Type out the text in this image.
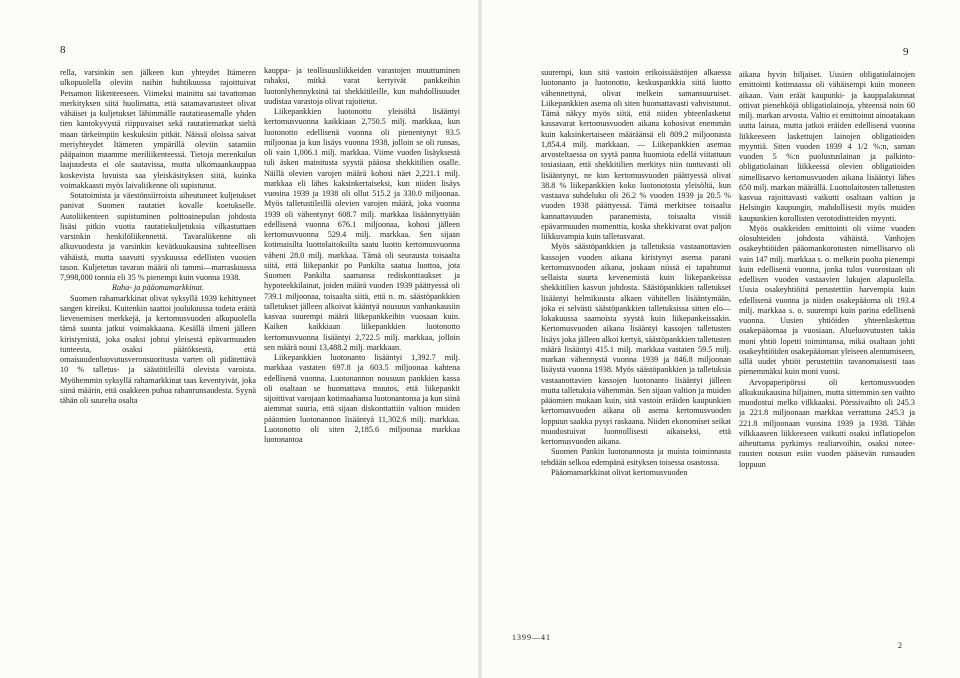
8	9

rella, varsinkin sen jälkeen kun yhteydet Itämeren ulkopuolella oleviin naihin huhtikuussa rajoittuivat Petsamon liikenteeseen. Viimeksi mainittu sai tavattoman merkityksen siitä huolimatta, että satamavarusteet olivat vähäiset ja kuljetukset lähimmälle rautatieasemalle yhden tien kantokyvystä riippuvaiset sekä rautatiematkat sieltä maan tärkeimpiin keskuksiin pitkät. Näissä oloissa saivat meriyhteydet Itämeren ympärillä oleviin satamiin pääpainon maamme meriliikenteessä. Tietoja merenkulun laajuudesta ei ole saatavissa, mutta ulkomaankauppaa koskevista luvuista saa yleiskäsityksen siitä, kuinka voimakkaasti myös laivaliikenne oli supistunut.

Sotatoimista ja väestönsiirroista aiheutuneet kuljetukset panivat Suomen rautatiet kovalle koetukselle. Autoliikenteen supistuminen polttoainepulan johdosta lisäsi pitkin vuotta rautatiekuljetuksia vilkastuttaen varsinkin henkilöliikennettä. Tavaraliikenne oli alkuvuodesta ja varsinkin kevätkuukausina suhteellisen vähäistä, mutta saavutti syyskuussa edellisten vuosien tason. Kuljetetun tavaran määrä oli tammi—marraskuussa 7,998,000 tonnia eli 35 % pienempi kuin vuonna 1938.

Raha- ja pääomamarkkinat.

Suomen rahamarkkinat olivat syksyllä 1939 kehittyneet sangen kireiksi. Kuitenkin saattoi joulukuussa todeta eräitä lievenemisen merkkejä, ja kertomusvuoden alkupuolella tämä suunta jatkui voimakkaana. Kesällä ilmeni jälleen kiristymistä, joka osaksi johtui yleisestä epävarmuuden tunteesta, osaksi päätöksestä, että omaisuudenluovutusveronsuoritusta varten oli pidätettävä 10 % talletus- ja säästötileillä olevista varoista. Myöhemmin syksyllä rahamarkkinat taas keventyivät, joka siinä määrin, että osakkeen puhua rahanrunsaudesta. Syynä tähän oli suurelta osalta

kauppa- ja teollisuusliikkeiden varastojen muuttuminen rahaksi, mitkä varat kertyivät pankkeihin luotonlyhennyksinä tai shekkitileille, kun mahdollisuudet uudistaa varastoja olivat rajoitetut.

Liikepankkien luotonotto yleisöltä lisääntyi kertomusvuonna kaikkiaan 2,750.5 milj. markkaa, kun luotonotto edellisenä vuonna oli pienentynyt 93.5 miljoonaa ja kun lisäys vuonna 1938, jolloin se oli runsas, oli vain 1,006.1 milj. markkaa. Viime vuoden lisäyksestä tuli äsken mainitusta syystä pääosa shekkitilien osalle. Näillä olevien varojen määrä kohosi näet 2,221.1 milj. markkaa eli lähes kaksinkertaiseksi, kun niiden lisäys vuosina 1939 ja 1938 oli ollut 515.2 ja 330.0 miljoonaa. Myös talletustileillä olevien varojen määrä, joka vuonna 1939 oli vähentynyt 608.7 milj. markkaa lisäännyttyään edellisenä vuonna 676.1 miljoonaa, kohosi jälleen kertomusvuonna 529.4 milj. markkaa. Sen sijaan kotimaisilta luottolaitoksilta saatu luotto kertomusvuonna väheni 28.0 milj. markkaa. Tämä oli seurausta toisaalta siitä, että liikepankit po Pankilta saatua luottoa, jota Suomen Pankilta saamansa rediskonttaukset ja hypoteekkilainat, joiden määrä vuoden 1939 päättyessä oli 739.1 miljoonaa, toisaalta siitä, että n. m. säästöpankkien talletukset jälleen alkoivat kääntyä nousuun vanhankausiin kasvaa suurempi määrä liikepankkeihin vuosaan kuin. Kaiken kaikkiaan liikepankkien luotonotto kertomusvuonna lisääntyi 2,722.5 milj. markkaa, jolloin sen määrä nousi 13,488.2 milj. markkaan.

Liikepankkien luotonanto lisääntyi 1,392.7 milj. markkaa vastaten 697.8 ja 603.5 miljoonaa kahtena edellisenä vuonna. Luotonannon nousuun pankkien kassa oli osaltaan se huomattava muutos, että liikepankit sijoittivat varojaan kotimaahansa luotonantonsa ja kun siinä aiemmat suuria, että sijaan diskonttattiin valtion muiden pääomien luotonannon lisääntyä 11,302.6 milj. markkaa. Luotonotto oli siten 2,185.6 miljoonaa markkaa luotonantoa

suurempi, kun sitä vastoin erikoissäästöjen alkaessa luotonanto ja luotonotto, keskuspankkia siitä luotto vähennettynä, olivat melkein samansuuruiset. Liikepankkien asema oli siten huomattavasti vahvistunut. Tämä näkyy myös siitä, että niiden yhteenlasketut kassavarat kertomusvuoden aikana kohosivat enemmän kuin kaksinkertaiseen määräänsä eli 809.2 miljoonasta 1,854.4 milj. markkaan. — Liikepankkien asemaa arvosteltaessa on syytä panna huomiota edellä viitattuun tosiasiaan, että shekkitilien merkitys niin tuntuvasti oli lisääntynyt, ne kun kertomusvuoden päättyessä olivat 38.8 % liikepankkien koko luotonotosta yleisöltä, kun vastaava suhdeluku oli 26.2 % vuoden 1939 ja 20.5 % vuoden 1938 päättyessä. Tämä merkitsee toisaalta kannattavuuden paranemista, toisaalta vissiä epävarmuuden momenttia, koska shekkivarat ovat paljon liikkuvampia kuin talletusvarat.

Myös säästöpankkien ja talletuksia vastaanottavien kassojen vuoden aikana kiristynyt asema parani kertomusvuoden aikana, joskaan niissä ei tapahtunut sellaista suurta kevenemistä kuin liikepankeissa shekkitilien kasvun johdosta. Säästöpankkien talletukset lisääntyi helmikuusta alkaen vähitellen lisääntymään, joka ei selvästi säästöpankkien talletuksissa sitten elo—lokakuussa saamoista syystä kuin liikepankeissakin. Kertomusvuoden aikana lisääntyi kassojen talletusten lisäys joka jälleen alkoi kertyä, säästöpankkien talletusten määrä lisääntyi 415.1 milj. markkaa vastaten 59.5 milj. markan vähennystä vuonna 1939 ja 846.8 miljoonan lisäystä vuonna 1938. Myös säästöpankkien ja talletuksia vastaanottavien kassojen luotonanto lisääntyi jälleen mutta talletuksia vähemmän. Sen sijaan valtion ja muiden pääomien mukaan kuin, sitä vastoin eräiden kaupunkien kertomusvuoden aikana oli asema kertomusvuoden loppuun saakka pysyi raskaana. Niiden ekonomiset seikat muodostuivat luonnollisesti aikaiseksi, että kertomusvuoden aikana.

Suomen Pankin luotonannosta ja muista toiminnasta tehdään selkoa edempänä esityksen toisessa osastossa.

Pääomamarkkinat olivat kertomusvuoden

aikana hyvin hiljaiset. Uusien obligatiolainojen emittointi kotimaassa oli vähäisempi kuin moneen aikaan. Vain eräät kaupunki- ja kauppalakunnat ottivat pienehköjä obligatiolainoja, yhteensä noin 60 milj. markan arvosta. Valtio ei emittoinut ainoatakaan uutta lainaa, mutta jatkoi eräiden edellisenä vuonna liikkeeseen laskettujen lainojen obligatioiden myyntiä. Siten vuoden 1939 4 1/2 %:n, saman vuoden 5 %:n puolustuslainan ja palkinto-obligatiolainan liikkeessä olevien obligatioiden nimellisarvo kertomusvuoden aikana lisääntyi lähes 650 milj. markan määrällä. Luottolaitosten talletusten kasvua rajoittavasti vaikutti osaltaan valtion ja Helsingin kaupungin, mahdollisesti myös muiden kaupunkien korollisten verotodistteiden myynti.

Myös osakkeiden emittointi oli viime vuoden olosuhteiden johdosta vähäistä. Vanhojen osakeyhtiöiden pääomankorotusten nimellisarvo oli vain 147 milj. markkaa s. o. melkein puolta pienempi kuin edellisenä vuonna, jonka tulos vuorostaan oli edellisen vuoden vastaavien lukujen alapuolella. Uusia osakeyhtiöitä perustettiin harvempia kuin edellisenä vuonna ja niiden osakepääoma oli 193.4 milj. markkaa s. o. suurempi kuin parina edellisenä vuonna. Uusien yhtiöiden yhteenlaskettua osakepääomaa ja vuosiaan. Alueluovutusten takia moni yhtiö lopetti toimintansa, mikä osaltaan johti osakeyhtiöiden osakepääoman yleiseen alentumiseen, sillä uudet yhtiöt perustettiin tavanomaisesti taas pienemmäksi kuin moni vuosi.

Arvopaperipörssi oli kertomusvuoden alkukuukausina hiljainen, mutta sittemmin sen vaihto muodostui melko vilkkaaksi. Pörssivaihto oli 245.3 ja 221.8 miljoonaan markkaa verrattuna 245.3 ja 221.8 miljoonaan vuosina 1939 ja 1938. Tähän vilkkaaseen liikkeeseen vaikutti osaksi inflatiopelon aiheuttama pyrkimys realiarvoihin, osaksi notee-rausten nousun esiin vuoden pääsevän runsauden loppuun

1399—41
2
